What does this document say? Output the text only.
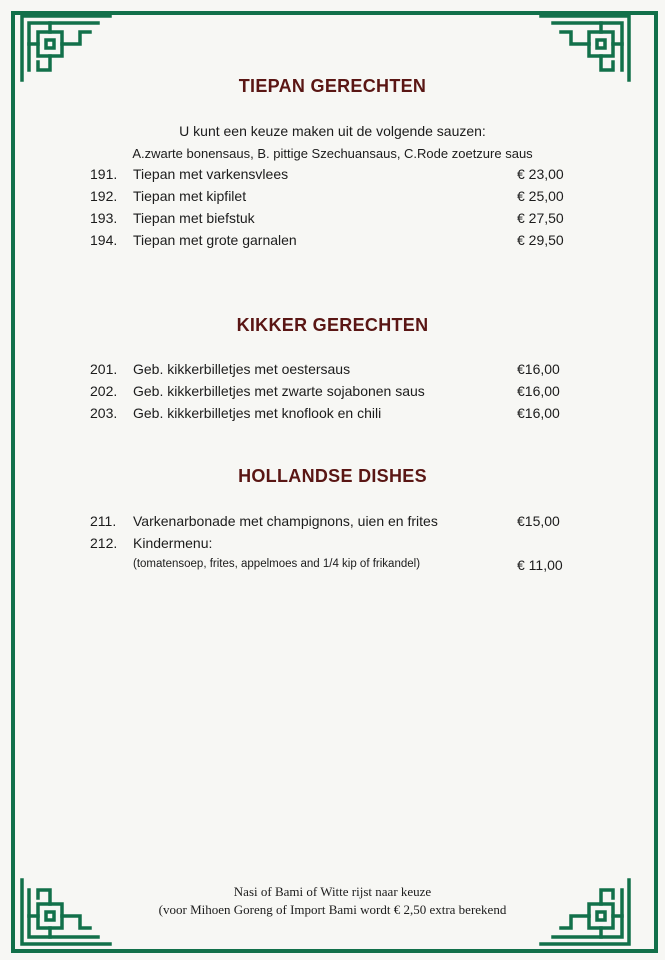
TIEPAN GERECHTEN
U kunt een keuze maken uit de volgende sauzen:
A.zwarte bonensaus, B. pittige Szechuansaus, C.Rode zoetzure saus
191. Tiepan met varkensvlees	€ 23,00
192. Tiepan met kipfilet	€ 25,00
193. Tiepan met biefstuk	€ 27,50
194. Tiepan met grote garnalen	€ 29,50
KIKKER GERECHTEN
201. Geb. kikkerbilletjes met oestersaus	€16,00
202. Geb. kikkerbilletjes met zwarte sojabonen saus	€16,00
203. Geb. kikkerbilletjes met knoflook en chili	€16,00
HOLLANDSE DISHES
211. Varkenarbonade met champignons, uien en frites	€15,00
212. Kindermenu:
(tomatensoep, frites, appelmoes and 1/4 kip of frikandel)	€ 11,00
Nasi of Bami of Witte rijst naar keuze
(voor Mihoen Goreng of Import Bami wordt € 2,50 extra berekend
